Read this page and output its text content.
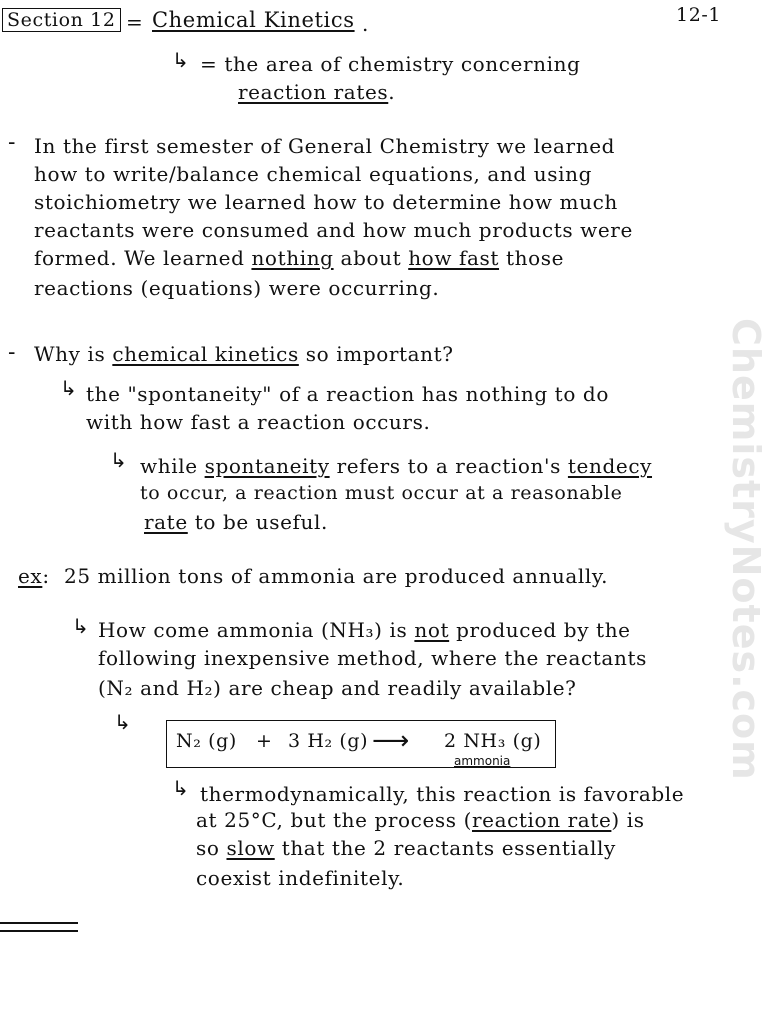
Section 12 = Chemical Kinetics .	12-1
↳ = the area of chemistry concerning
reaction rates.
- In the first semester of General Chemistry we learned
how to write/balance chemical equations, and using
stoichiometry we learned how to determine how much
reactants were consumed and how much products were
formed. We learned nothing about how fast those
reactions (equations) were occurring.
- Why is chemical kinetics so important?
↳ the "spontaneity" of a reaction has nothing to do
with how fast a reaction occurs.
↳ while spontaneity refers to a reaction's tendecy
to occur, a reaction must occur at a reasonable
rate to be useful.
ex: 25 million tons of ammonia are produced annually.
↳ How come ammonia (NH₃) is not produced by the
following inexpensive method, where the reactants
(N₂ and H₂) are cheap and readily available?
↳
N₂ (g) + 3 H₂ (g) ⟶ 2 NH₃ (g)
ammonia
↳ thermodynamically, this reaction is favorable
at 25°C, but the process (reaction rate) is
so slow that the 2 reactants essentially
coexist indefinitely.
ChemistryNotes.com
